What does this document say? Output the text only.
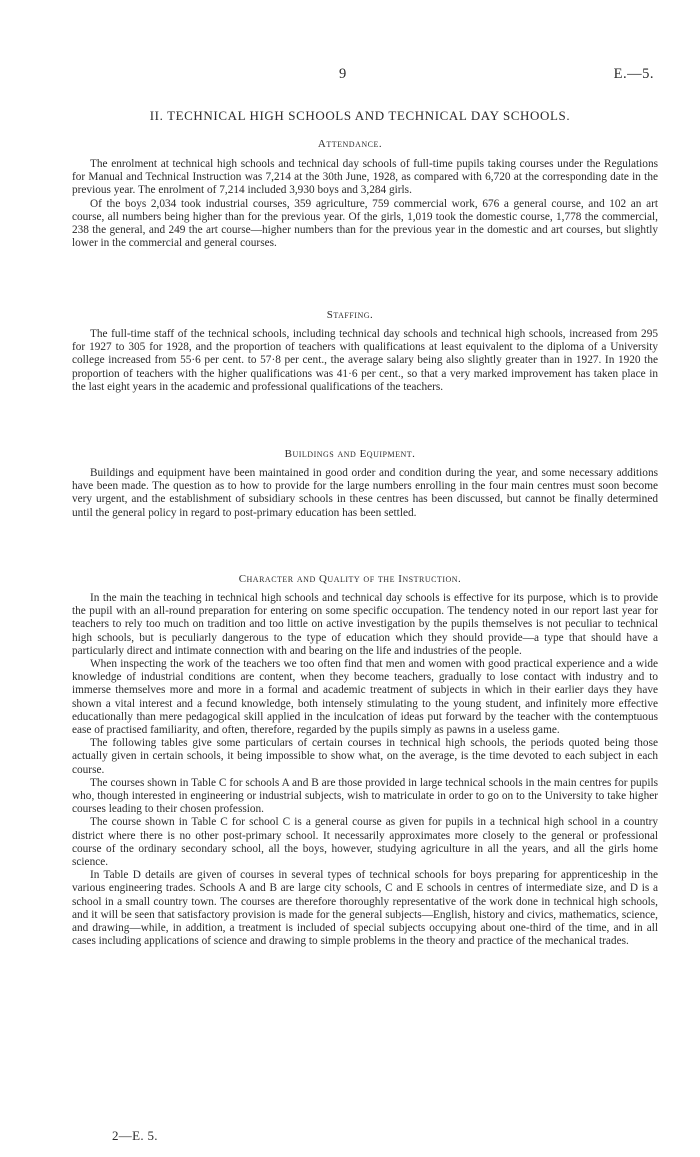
9	E.—5.
II. TECHNICAL HIGH SCHOOLS AND TECHNICAL DAY SCHOOLS.
Attendance.

The enrolment at technical high schools and technical day schools of full-time pupils taking courses under the Regulations for Manual and Technical Instruction was 7,214 at the 30th June, 1928, as compared with 6,720 at the corresponding date in the previous year. The enrolment of 7,214 included 3,930 boys and 3,284 girls.

Of the boys 2,034 took industrial courses, 359 agriculture, 759 commercial work, 676 a general course, and 102 an art course, all numbers being higher than for the previous year. Of the girls, 1,019 took the domestic course, 1,778 the commercial, 238 the general, and 249 the art course—higher numbers than for the previous year in the domestic and art courses, but slightly lower in the commercial and general courses.

Staffing.

The full-time staff of the technical schools, including technical day schools and technical high schools, increased from 295 for 1927 to 305 for 1928, and the proportion of teachers with qualifications at least equivalent to the diploma of a University college increased from 55·6 per cent. to 57·8 per cent., the average salary being also slightly greater than in 1927. In 1920 the proportion of teachers with the higher qualifications was 41·6 per cent., so that a very marked improvement has taken place in the last eight years in the academic and professional qualifications of the teachers.

Buildings and Equipment.

Buildings and equipment have been maintained in good order and condition during the year, and some necessary additions have been made. The question as to how to provide for the large numbers enrolling in the four main centres must soon become very urgent, and the establishment of subsidiary schools in these centres has been discussed, but cannot be finally determined until the general policy in regard to post-primary education has been settled.

Character and Quality of the Instruction.

In the main the teaching in technical high schools and technical day schools is effective for its purpose, which is to provide the pupil with an all-round preparation for entering on some specific occupation. The tendency noted in our report last year for teachers to rely too much on tradition and too little on active investigation by the pupils themselves is not peculiar to technical high schools, but is peculiarly dangerous to the type of education which they should provide—a type that should have a particularly direct and intimate connection with and bearing on the life and industries of the people.

When inspecting the work of the teachers we too often find that men and women with good practical experience and a wide knowledge of industrial conditions are content, when they become teachers, gradually to lose contact with industry and to immerse themselves more and more in a formal and academic treatment of subjects in which in their earlier days they have shown a vital interest and a fecund knowledge, both intensely stimulating to the young student, and infinitely more effective educationally than mere pedagogical skill applied in the inculcation of ideas put forward by the teacher with the contemptuous ease of practised familiarity, and often, therefore, regarded by the pupils simply as pawns in a useless game.

The following tables give some particulars of certain courses in technical high schools, the periods quoted being those actually given in certain schools, it being impossible to show what, on the average, is the time devoted to each subject in each course.

The courses shown in Table C for schools A and B are those provided in large technical schools in the main centres for pupils who, though interested in engineering or industrial subjects, wish to matriculate in order to go on to the University to take higher courses leading to their chosen profession.

The course shown in Table C for school C is a general course as given for pupils in a technical high school in a country district where there is no other post-primary school. It necessarily approximates more closely to the general or professional course of the ordinary secondary school, all the boys, however, studying agriculture in all the years, and all the girls home science.

In Table D details are given of courses in several types of technical schools for boys preparing for apprenticeship in the various engineering trades. Schools A and B are large city schools, C and E schools in centres of intermediate size, and D is a school in a small country town. The courses are therefore thoroughly representative of the work done in technical high schools, and it will be seen that satisfactory provision is made for the general subjects—English, history and civics, mathematics, science, and drawing—while, in addition, a treatment is included of special subjects occupying about one-third of the time, and in all cases including applications of science and drawing to simple problems in the theory and practice of the mechanical trades.

2—E. 5.
